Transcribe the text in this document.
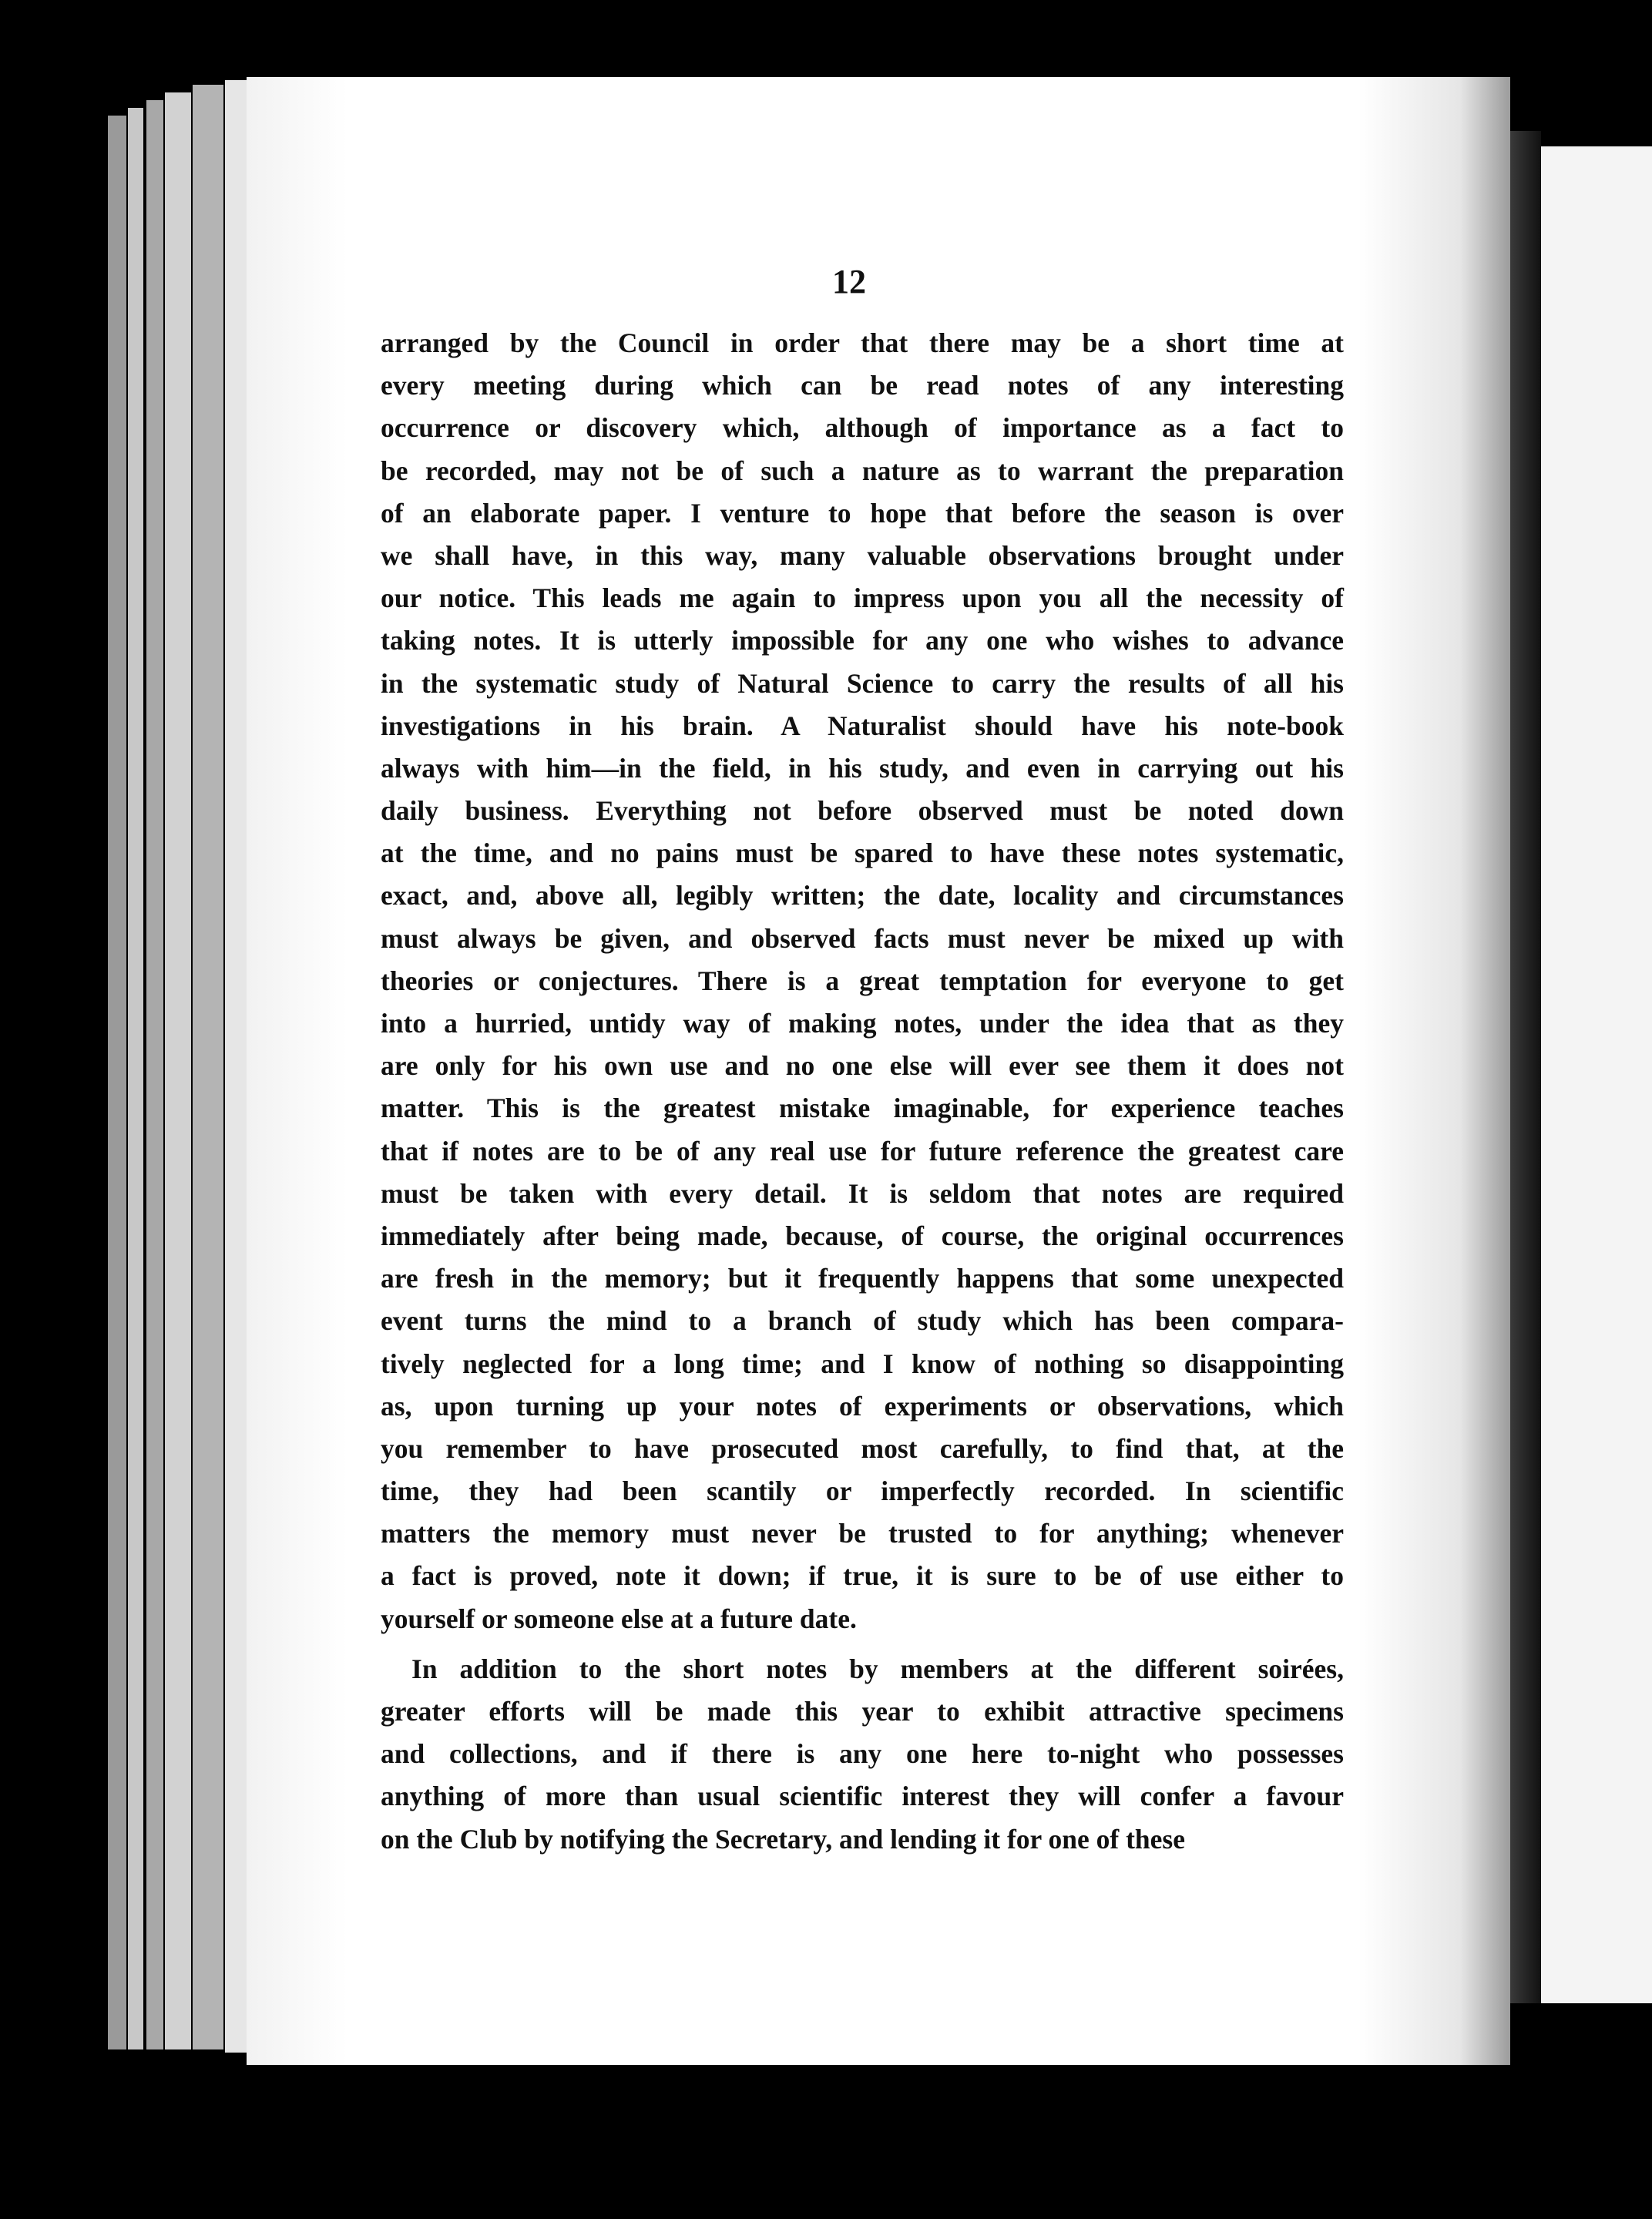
12
arranged by the Council in order that there may be a short time at
every meeting during which can be read notes of any interesting
occurrence or discovery which, although of importance as a fact to
be recorded, may not be of such a nature as to warrant the preparation
of an elaborate paper. I venture to hope that before the season is over
we shall have, in this way, many valuable observations brought under
our notice. This leads me again to impress upon you all the necessity of
taking notes. It is utterly impossible for any one who wishes to advance
in the systematic study of Natural Science to carry the results of all his
investigations in his brain. A Naturalist should have his note-book
always with him—in the field, in his study, and even in carrying out his
daily business. Everything not before observed must be noted down
at the time, and no pains must be spared to have these notes systematic,
exact, and, above all, legibly written; the date, locality and circumstances
must always be given, and observed facts must never be mixed up with
theories or conjectures. There is a great temptation for everyone to get
into a hurried, untidy way of making notes, under the idea that as they
are only for his own use and no one else will ever see them it does not
matter. This is the greatest mistake imaginable, for experience teaches
that if notes are to be of any real use for future reference the greatest care
must be taken with every detail. It is seldom that notes are required
immediately after being made, because, of course, the original occurrences
are fresh in the memory; but it frequently happens that some unexpected
event turns the mind to a branch of study which has been compara-
tively neglected for a long time; and I know of nothing so disappointing
as, upon turning up your notes of experiments or observations, which
you remember to have prosecuted most carefully, to find that, at the
time, they had been scantily or imperfectly recorded. In scientific
matters the memory must never be trusted to for anything; whenever
a fact is proved, note it down; if true, it is sure to be of use either to
yourself or someone else at a future date.
In addition to the short notes by members at the different soirées,
greater efforts will be made this year to exhibit attractive specimens
and collections, and if there is any one here to-night who possesses
anything of more than usual scientific interest they will confer a favour
on the Club by notifying the Secretary, and lending it for one of these
